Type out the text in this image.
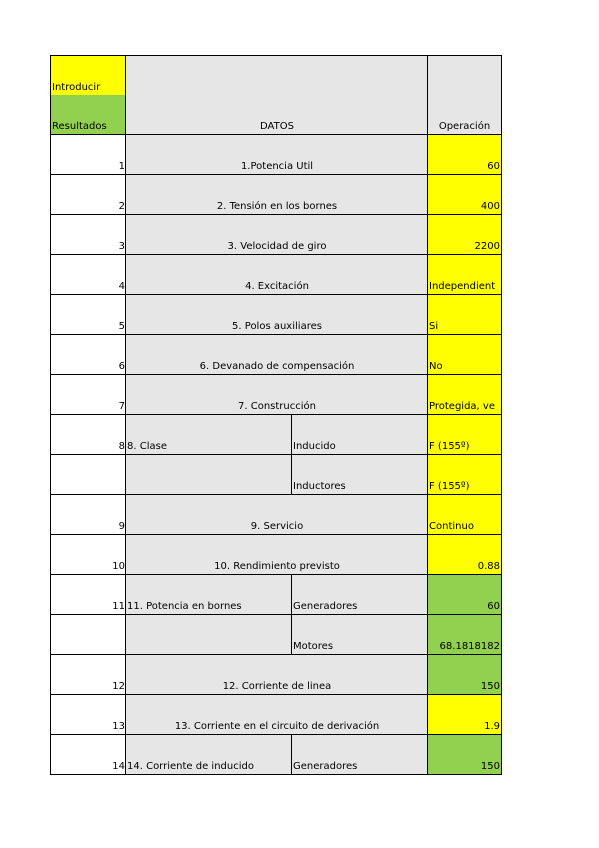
Introducir
Resultados	DATOS	Operación
1	1.Potencia Util	60
2	2. Tensión en los bornes	400
3	3. Velocidad de giro	2200
4	4. Excitación	Independient
5	5. Polos auxiliares	Si
6	6. Devanado de compensación	No
7	7. Construcción	Protegida, ve
8 8. Clase	Inducido	F (155º)
Inductores	F (155º)
9	9. Servicio	Continuo
10	10. Rendimiento previsto	0.88
11 11. Potencia en bornes	Generadores	60
Motores	68.1818182
12	12. Corriente de linea	150
13	13. Corriente en el circuito de derivación	1.9
14 14. Corriente de inducido	Generadores	150
